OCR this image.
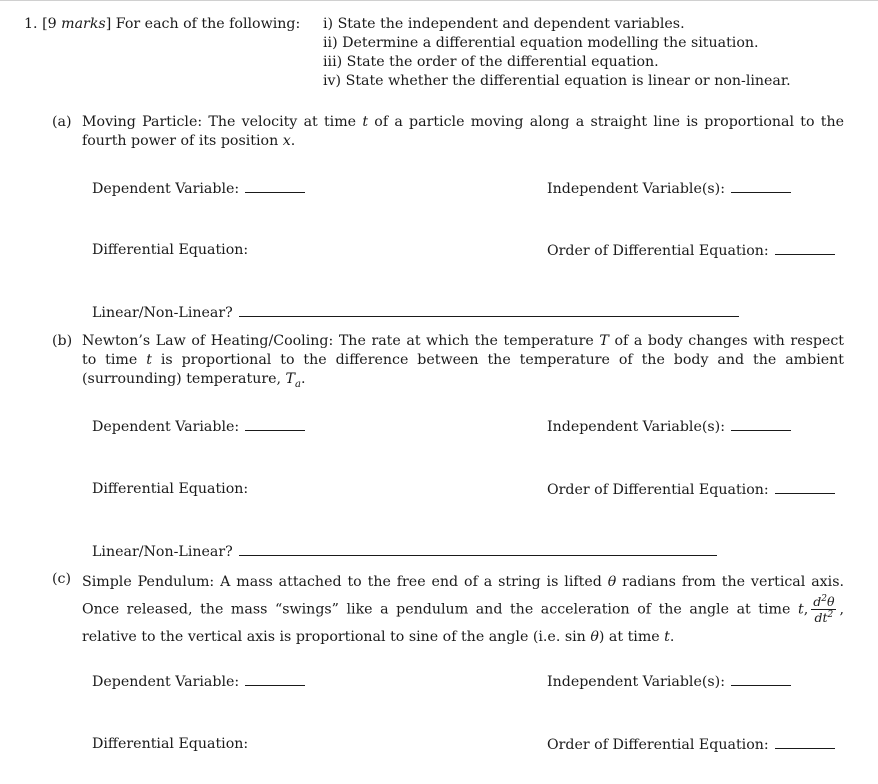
1. [9 marks] For each of the following: i) State the independent and dependent variables.
ii) Determine a differential equation modelling the situation.
iii) State the order of the differential equation.
iv) State whether the differential equation is linear or non-linear.
(a) Moving Particle: The velocity at time t of a particle moving along a straight line is proportional to the fourth power of its position x.
Dependent Variable:	Independent Variable(s):
Differential Equation:	Order of Differential Equation:
Linear/Non-Linear?
(b) Newton’s Law of Heating/Cooling: The rate at which the temperature T of a body changes with respect to time t is proportional to the difference between the temperature of the body and the ambient (surrounding) temperature, $T_a$.
Dependent Variable:	Independent Variable(s):
Differential Equation:	Order of Differential Equation:
Linear/Non-Linear?
(c) Simple Pendulum: A mass attached to the free end of a string is lifted θ radians from the vertical axis. Once released, the mass “swings” like a pendulum and the acceleration of the angle at time t, $\frac{d^2\theta}{dt^2}$ , relative to the vertical axis is proportional to sine of the angle (i.e. sin θ) at time t.
Dependent Variable:	Independent Variable(s):
Differential Equation:	Order of Differential Equation:
